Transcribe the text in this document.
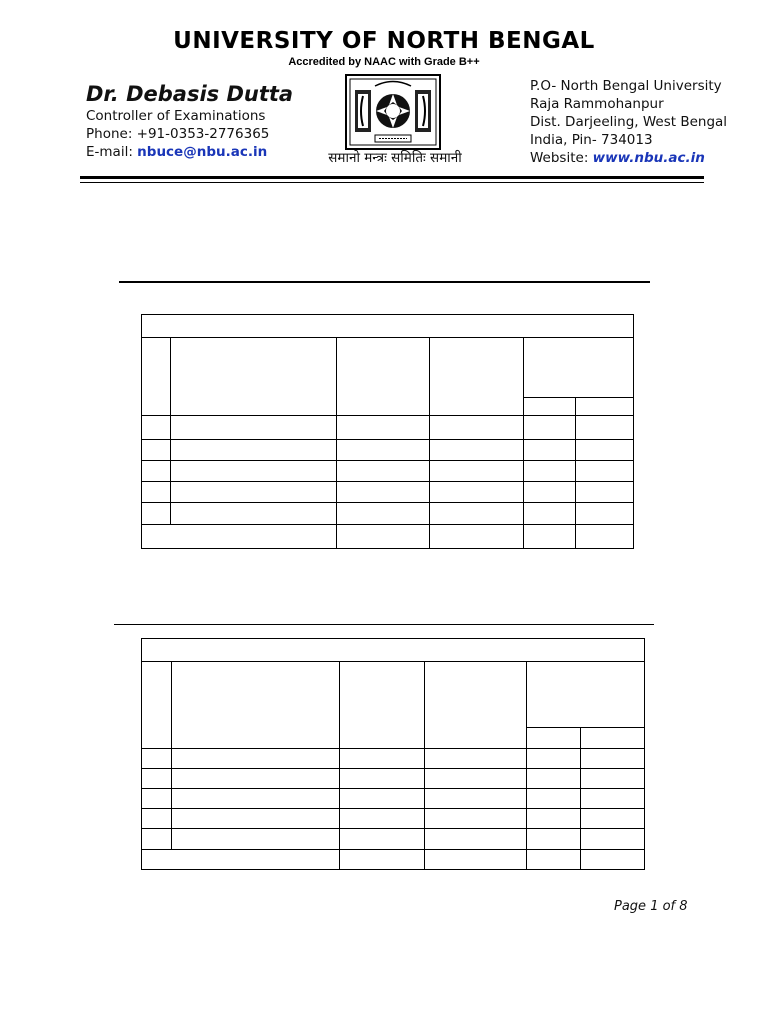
UNIVERSITY OF NORTH BENGAL
Accredited by NAAC with Grade B++
Dr. Debasis Dutta
Controller of Examinations
Phone: +91-0353-2776365
E-mail: nbuce@nbu.ac.in
P.O- North Bengal University
Raja Rammohanpur
Dist. Darjeeling, West Bengal
India, Pin- 734013
Website: www.nbu.ac.in
समानो मन्त्रः समितिः समानी

Page 1 of 8
